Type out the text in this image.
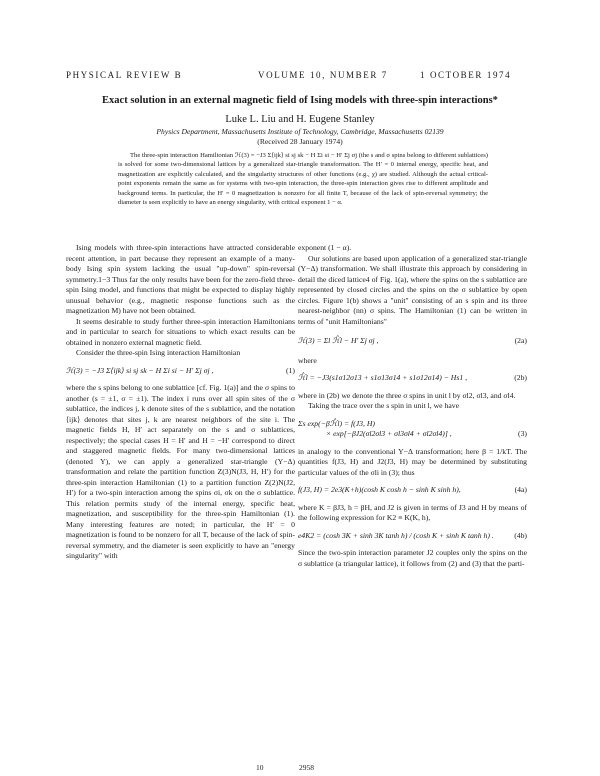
PHYSICAL REVIEW B	VOLUME 10, NUMBER 7	1 OCTOBER 1974
Exact solution in an external magnetic field of Ising models with three-spin interactions*
Luke L. Liu and H. Eugene Stanley
Physics Department, Massachusetts Institute of Technology, Cambridge, Massachusetts 02139
(Received 28 January 1974)
The three-spin interaction Hamiltonian ℋ(3) = −J3 Σ⟨ijk⟩ si sj sk − H Σi si − H′ Σj σj (the s and σ spins belong to different sublattices) is solved for some two-dimensional lattices by a generalized star-triangle transformation. The H′ = 0 internal energy, specific heat, and magnetization are explicitly calculated, and the singularity structures of other functions (e.g., χ) are studied. Although the actual critical-point exponents remain the same as for systems with two-spin interaction, the three-spin interaction gives rise to different amplitude and background terms. In particular, the H′ = 0 magnetization is nonzero for all finite T, because of the lack of spin-reversal symmetry; the diameter is seen explicitly to have an energy singularity, with critical exponent 1 − α.

Ising models with three-spin interactions have attracted considerable recent attention, in part because they represent an example of a many-body Ising spin system lacking the usual "up-down" spin-reversal symmetry.1−3 Thus far the only results have been for the zero-field three-spin Ising model, and functions that might be expected to display highly unusual behavior (e.g., magnetic response functions such as the magnetization M) have not been obtained.

It seems desirable to study further three-spin interaction Hamiltonians and in particular to search for situations to which exact results can be obtained in nonzero external magnetic field.

Consider the three-spin Ising interaction Hamiltonian

ℋ(3) = −J3 Σ⟨ijk⟩ si sj sk − H Σi si − H′ Σj σj ,	(1)

where the s spins belong to one sublattice [cf. Fig. 1(a)] and the σ spins to another (s = ±1, σ = ±1). The index i runs over all spin sites of the σ sublattice, the indices j, k denote sites of the s sublattice, and the notation ⟨ijk⟩ denotes that sites j, k are nearest neighbors of the site i. The magnetic fields H, H′ act separately on the s and σ sublattices, respectively; the special cases H = H′ and H = −H′ correspond to direct and staggered magnetic fields. For many two-dimensional lattices (denoted Y), we can apply a generalized star-triangle (Y−Δ) transformation and relate the partition function Z(3)N(J3, H, H′) for the three-spin interaction Hamiltonian (1) to a partition function Z(2)N(J2, H′) for a two-spin interaction among the spins σi, σk on the σ sublattice. This relation permits study of the internal energy, specific heat, magnetization, and susceptibility for the three-spin Hamiltonian (1). Many interesting features are noted; in particular, the H′ = 0 magnetization is found to be nonzero for all T, because of the lack of spin-reversal symmetry, and the diameter is seen explicitly to have an "energy singularity" with

exponent (1 − α).

Our solutions are based upon application of a generalized star-triangle (Y−Δ) transformation. We shall illustrate this approach by considering in detail the diced lattice4 of Fig. 1(a), where the spins on the s sublattice are represented by closed circles and the spins on the σ sublattice by open circles. Figure 1(b) shows a "unit" consisting of an s spin and its three nearest-neighbor (nn) σ spins. The Hamiltonian (1) can be written in terms of "unit Hamiltonians"

ℋ(3) = Σl ℋ̂l − H′ Σj σj ,	(2a)

where

ℋ̂l = −J3(s1σ12σ13 + s1σ13σ14 + s1σ12σ14) − Hs1 ,	(2b)

where in (2b) we denote the three σ spins in unit l by σl2, σl3, and σl4.

Taking the trace over the s spin in unit l, we have

Σs exp(−βℋ̂l) = f(J3, H)
× exp[−βJ2(σl2σl3 + σl3σl4 + σl2σl4)] ,	(3)

in analogy to the conventional Y−Δ transformation; here β = 1/kT. The quantities f(J3, H) and J2(J3, H) may be determined by substituting particular values of the σli in (3); thus

f(J3, H) = 2e3(K+h)(cosh K cosh h − sinh K sinh h),	(4a)

where K = βJ3, h = βH, and J2 is given in terms of J3 and H by means of the following expression for K2 ≡ K(K, h),

e4K2 = (cosh 3K + sinh 3K tanh h) / (cosh K + sinh K tanh h) .	(4b)

Since the two-spin interaction parameter J2 couples only the spins on the σ sublattice (a triangular lattice), it follows from (2) and (3) that the parti-

10	2958
